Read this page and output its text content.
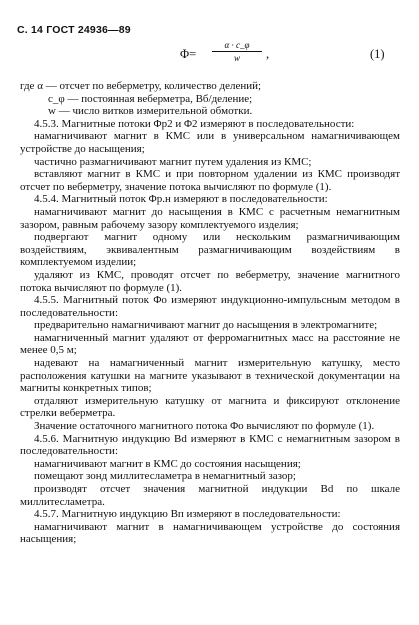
С. 14 ГОСТ 24936—89
$\Phi= \frac{\alpha \cdot c\_\varphi}{w}$ ,	(1)

где α — отсчет по веберметру, количество делений;

c_φ — постоянная веберметра, Вб/деление;

w — число витков измерительной обмотки.

4.5.3. Магнитные потоки Φр2 и Φ2 измеряют в последовательности:

намагничивают магнит в КМС или в универсальном намагничивающем устройстве до насыщения;

частично размагничивают магнит путем удаления из КМС;

вставляют магнит в КМС и при повторном удалении из КМС производят отсчет по веберметру, значение потока вычисляют по формуле (1).

4.5.4. Магнитный поток Φр.н измеряют в последовательности:

намагничивают магнит до насыщения в КМС с расчетным немагнитным зазором, равным рабочему зазору комплектуемого изделия;

подвергают магнит одному или нескольким размагничивающим воздействиям, эквивалентным размагничивающим воздействиям в комплектуемом изделии;

удаляют из КМС, проводят отсчет по веберметру, значение магнитного потока вычисляют по формуле (1).

4.5.5. Магнитный поток Φо измеряют индукционно-импульсным методом в последовательности:

предварительно намагничивают магнит до насыщения в электромагните;

намагниченный магнит удаляют от ферромагнитных масс на расстояние не менее 0,5 м;

надевают на намагниченный магнит измерительную катушку, место расположения катушки на магните указывают в технической документации на магниты конкретных типов;

отдаляют измерительную катушку от магнита и фиксируют отклонение стрелки веберметра.

Значение остаточного магнитного потока Φо вычисляют по формуле (1).

4.5.6. Магнитную индукцию Bd измеряют в КМС с немагнитным зазором в последовательности:

намагничивают магнит в КМС до состояния насыщения;

помещают зонд миллитесламетра в немагнитный зазор;

производят отсчет значения магнитной индукции Bd по шкале миллитесламетра.

4.5.7. Магнитную индукцию Bп измеряют в последовательности:

намагничивают магнит в намагничивающем устройстве до состояния насыщения;
